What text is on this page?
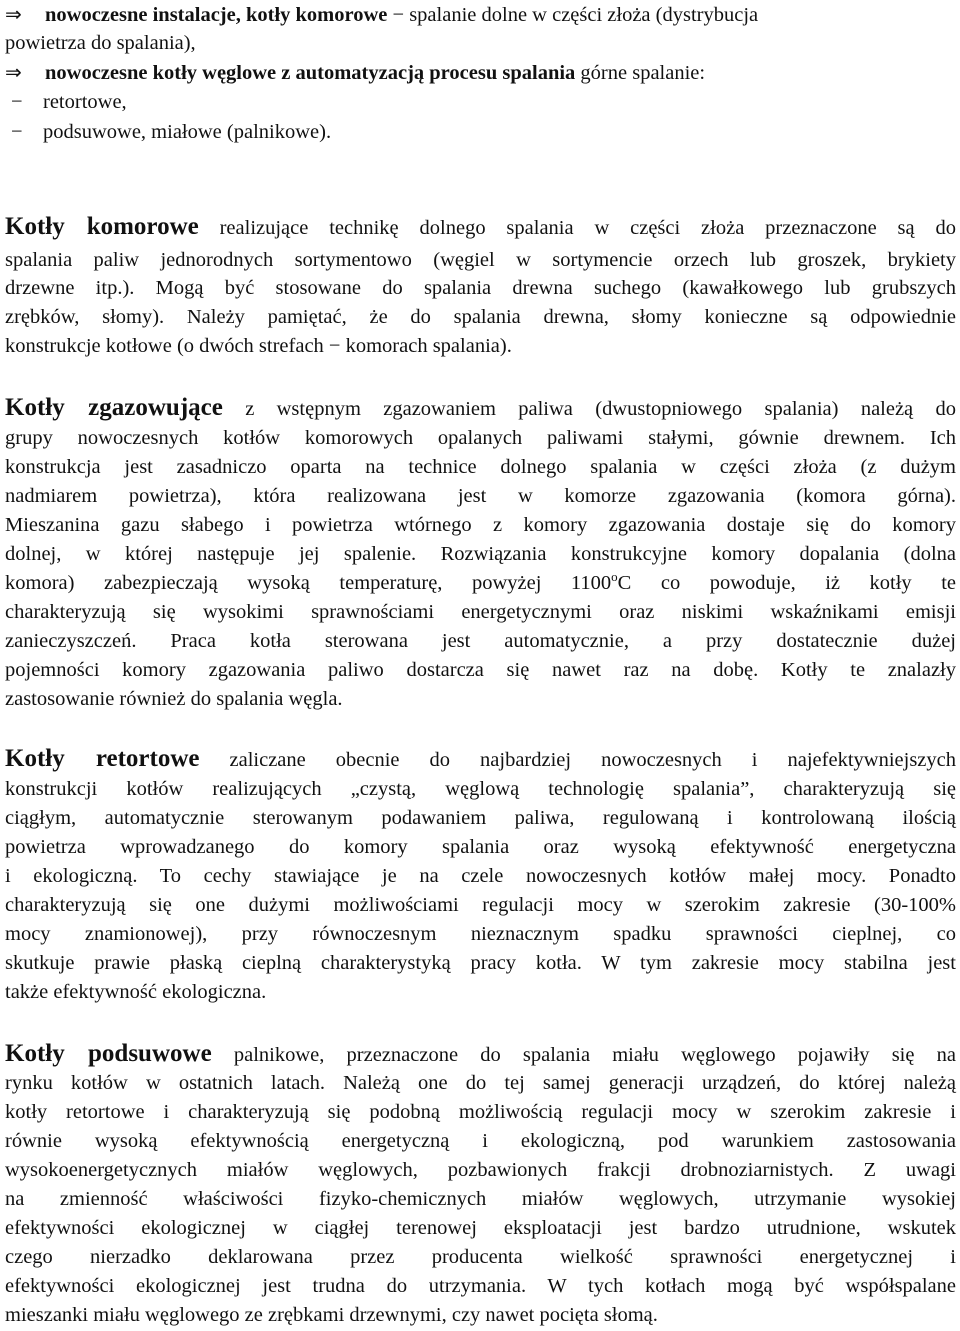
⇒ nowoczesne instalacje, kotły komorowe − spalanie dolne w części złoża (dystrybucja
powietrza do spalania),
⇒ nowoczesne kotły węglowe z automatyzacją procesu spalania górne spalanie:
− retortowe,
− podsuwowe, miałowe (palnikowe).
Kotły komorowe realizujące technikę dolnego spalania w części złoża przeznaczone są do
spalania paliw jednorodnych sortymentowo (węgiel w sortymencie orzech lub groszek, brykiety
drzewne itp.). Mogą być stosowane do spalania drewna suchego (kawałkowego lub grubszych
zrębków, słomy). Należy pamiętać, że do spalania drewna, słomy konieczne są odpowiednie
konstrukcje kotłowe (o dwóch strefach − komorach spalania).
Kotły zgazowujące z wstępnym zgazowaniem paliwa (dwustopniowego spalania) należą do
grupy nowoczesnych kotłów komorowych opalanych paliwami stałymi, gównie drewnem. Ich
konstrukcja jest zasadniczo oparta na technice dolnego spalania w części złoża (z dużym
nadmiarem powietrza), która realizowana jest w komorze zgazowania (komora górna).
Mieszanina gazu słabego i powietrza wtórnego z komory zgazowania dostaje się do komory
dolnej, w której następuje jej spalenie. Rozwiązania konstrukcyjne komory dopalania (dolna
komora) zabezpieczają wysoką temperaturę, powyżej 1100$^o$C co powoduje, iż kotły te
charakteryzują się wysokimi sprawnościami energetycznymi oraz niskimi wskaźnikami emisji
zanieczyszczeń. Praca kotła sterowana jest automatycznie, a przy dostatecznie dużej
pojemności komory zgazowania paliwo dostarcza się nawet raz na dobę. Kotły te znalazły
zastosowanie również do spalania węgla.
Kotły retortowe zaliczane obecnie do najbardziej nowoczesnych i najefektywniejszych
konstrukcji kotłów realizujących „czystą, węglową technologię spalania”, charakteryzują się
ciągłym, automatycznie sterowanym podawaniem paliwa, regulowaną i kontrolowaną ilością
powietrza wprowadzanego do komory spalania oraz wysoką efektywność energetyczna
i ekologiczną. To cechy stawiające je na czele nowoczesnych kotłów małej mocy. Ponadto
charakteryzują się one dużymi możliwościami regulacji mocy w szerokim zakresie (30-100%
mocy znamionowej), przy równoczesnym nieznacznym spadku sprawności cieplnej, co
skutkuje prawie płaską cieplną charakterystyką pracy kotła. W tym zakresie mocy stabilna jest
także efektywność ekologiczna.
Kotły podsuwowe palnikowe, przeznaczone do spalania miału węglowego pojawiły się na
rynku kotłów w ostatnich latach. Należą one do tej samej generacji urządzeń, do której należą
kotły retortowe i charakteryzują się podobną możliwością regulacji mocy w szerokim zakresie i
równie wysoką efektywnością energetyczną i ekologiczną, pod warunkiem zastosowania
wysokoenergetycznych miałów węglowych, pozbawionych frakcji drobnoziarnistych. Z uwagi
na zmienność właściwości fizyko-chemicznych miałów węglowych, utrzymanie wysokiej
efektywności ekologicznej w ciągłej terenowej eksploatacji jest bardzo utrudnione, wskutek
czego nierzadko deklarowana przez producenta wielkość sprawności energetycznej i
efektywności ekologicznej jest trudna do utrzymania. W tych kotłach mogą być współspalane
mieszanki miału węglowego ze zrębkami drzewnymi, czy nawet pocięta słomą.
